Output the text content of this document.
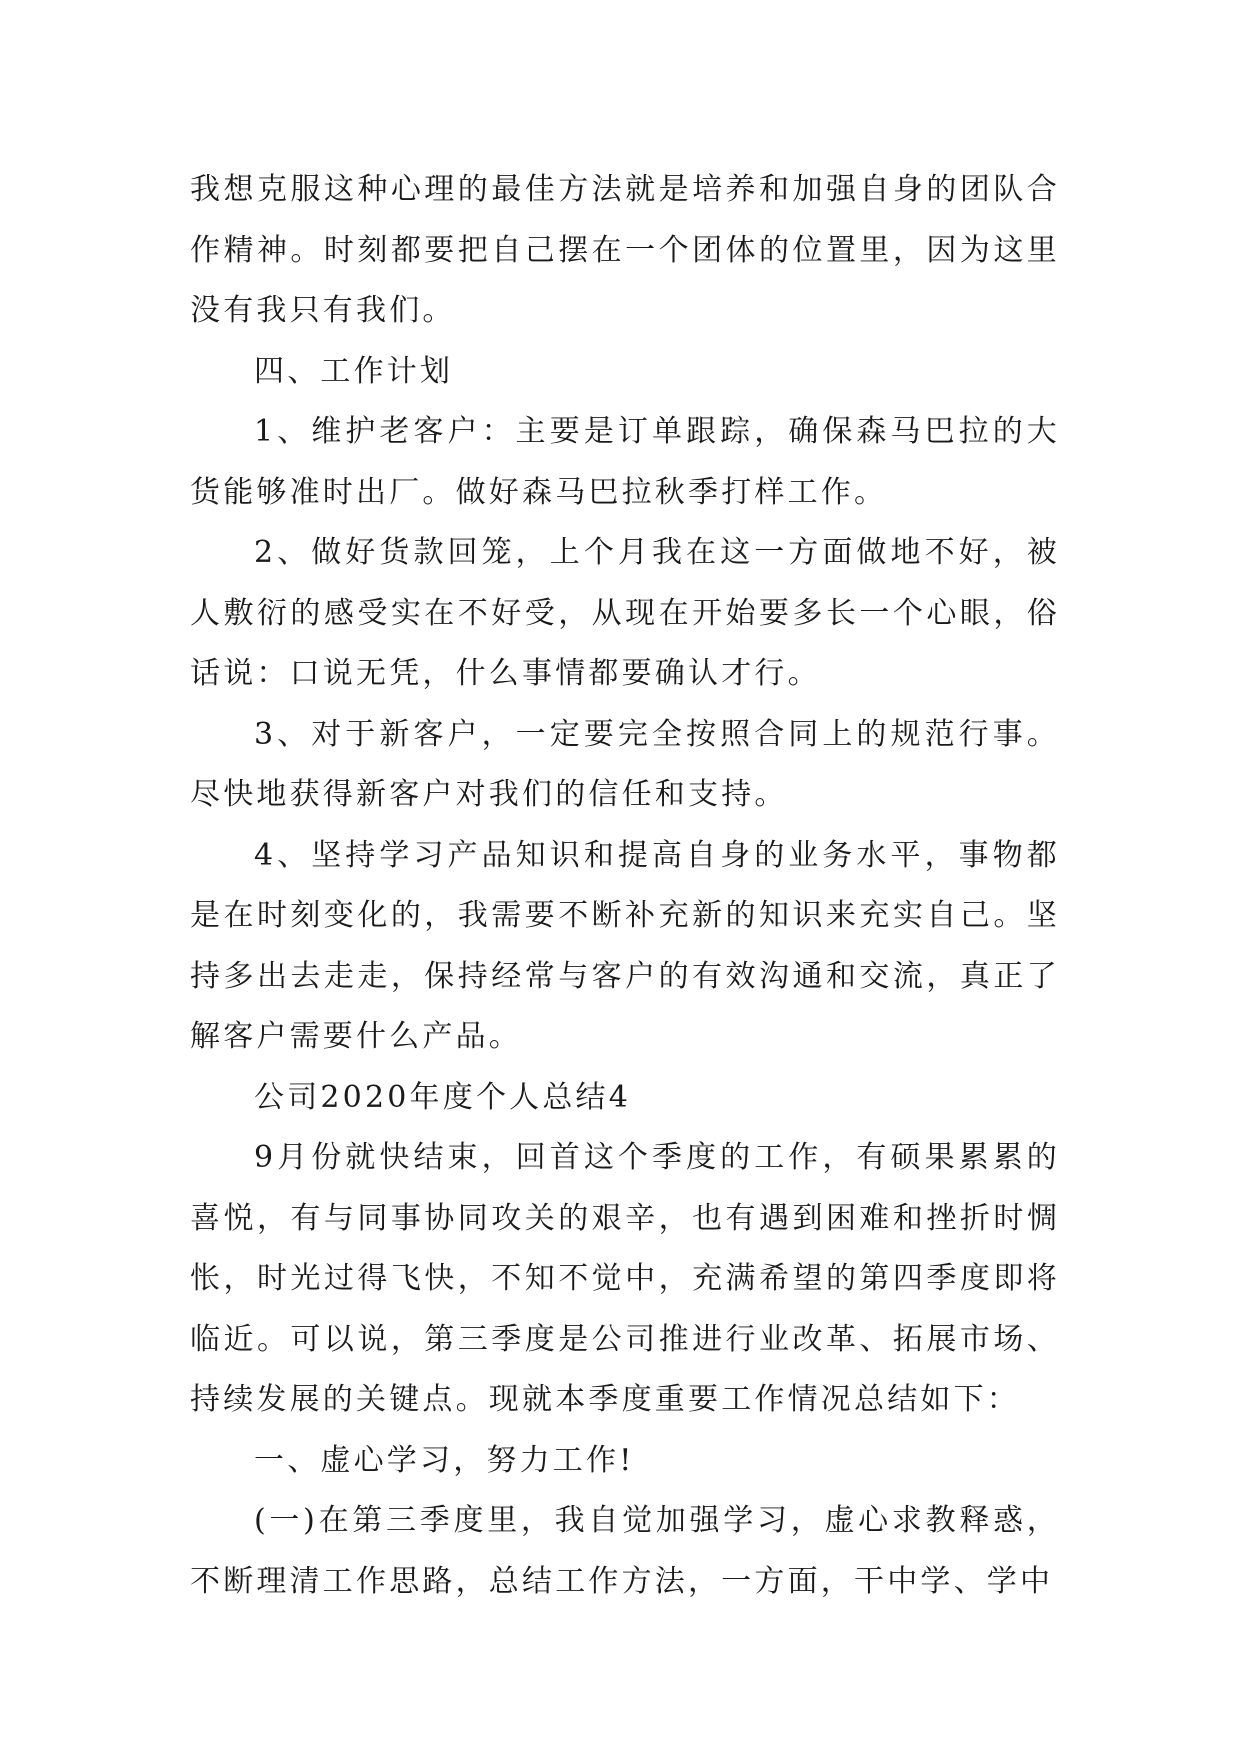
我想克服这种心理的最佳方法就是培养和加强自身的团队合作精神。时刻都要把自己摆在一个团体的位置里，因为这里没有我只有我们。

四、工作计划

1、维护老客户：主要是订单跟踪，确保森马巴拉的大货能够准时出厂。做好森马巴拉秋季打样工作。

2、做好货款回笼，上个月我在这一方面做地不好，被人敷衍的感受实在不好受，从现在开始要多长一个心眼，俗话说：口说无凭，什么事情都要确认才行。

3、对于新客户，一定要完全按照合同上的规范行事。尽快地获得新客户对我们的信任和支持。

4、坚持学习产品知识和提高自身的业务水平，事物都是在时刻变化的，我需要不断补充新的知识来充实自己。坚持多出去走走，保持经常与客户的有效沟通和交流，真正了解客户需要什么产品。

公司2020年度个人总结4

9月份就快结束，回首这个季度的工作，有硕果累累的喜悦，有与同事协同攻关的艰辛，也有遇到困难和挫折时惆怅，时光过得飞快，不知不觉中，充满希望的第四季度即将临近。可以说，第三季度是公司推进行业改革、拓展市场、持续发展的关键点。现就本季度重要工作情况总结如下：

一、虚心学习，努力工作!

(一)在第三季度里，我自觉加强学习，虚心求教释惑，不断理清工作思路，总结工作方法，一方面，干中学、学中
